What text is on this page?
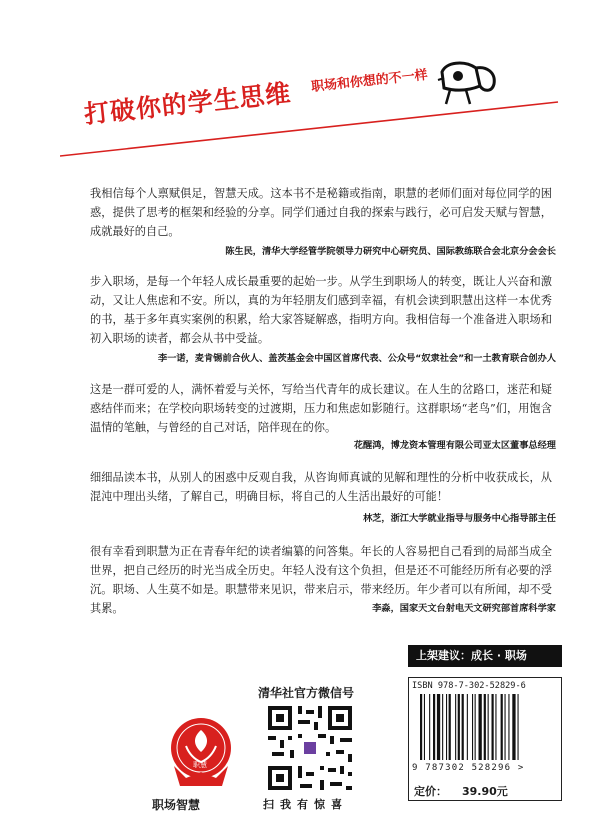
打破你的学生思维 职场和你想的不一样

我相信每个人禀赋俱足，智慧天成。这本书不是秘籍或指南，职慧的老师们面对每位同学的困惑，提供了思考的框架和经验的分享。同学们通过自我的探索与践行，必可启发天赋与智慧，成就最好的自己。

陈生民，清华大学经管学院领导力研究中心研究员、国际教练联合会北京分会会长

步入职场，是每一个年轻人成长最重要的起始一步。从学生到职场人的转变，既让人兴奋和激动，又让人焦虑和不安。所以，真的为年轻朋友们感到幸福，有机会读到职慧出这样一本优秀的书，基于多年真实案例的积累，给大家答疑解惑，指明方向。我相信每一个准备进入职场和初入职场的读者，都会从书中受益。

李一诺，麦肯锡前合伙人、盖茨基金会中国区首席代表、公众号“奴隶社会”和一土教育联合创办人

这是一群可爱的人，满怀着爱与关怀，写给当代青年的成长建议。在人生的岔路口，迷茫和疑惑结伴而来；在学校向职场转变的过渡期，压力和焦虑如影随行。这群职场“老鸟”们，用饱含温情的笔触，与曾经的自己对话，陪伴现在的你。

花醒鸿，博龙资本管理有限公司亚太区董事总经理

细细品读本书，从别人的困惑中反观自我，从咨询师真诚的见解和理性的分析中收获成长，从混沌中理出头绪，了解自己，明确目标，将自己的人生活出最好的可能！

林芝，浙江大学就业指导与服务中心指导部主任

很有幸看到职慧为正在青春年纪的读者编纂的问答集。年长的人容易把自己看到的局部当成全世界，把自己经历的时光当成全历史。年轻人没有这个负担，但是还不可能经历所有必要的浮沉。职场、人生莫不如是。职慧带来见识，带来启示，带来经历。年少者可以有所闻，却不受其累。	李淼，国家天文台射电天文研究部首席科学家
职慧
职场智慧
清华社官方微信号
扫我有惊喜
上架建议：成长 · 职场
ISBN 978-7-302-52829-6
9 787302 528296 >
定价： 39.90元
